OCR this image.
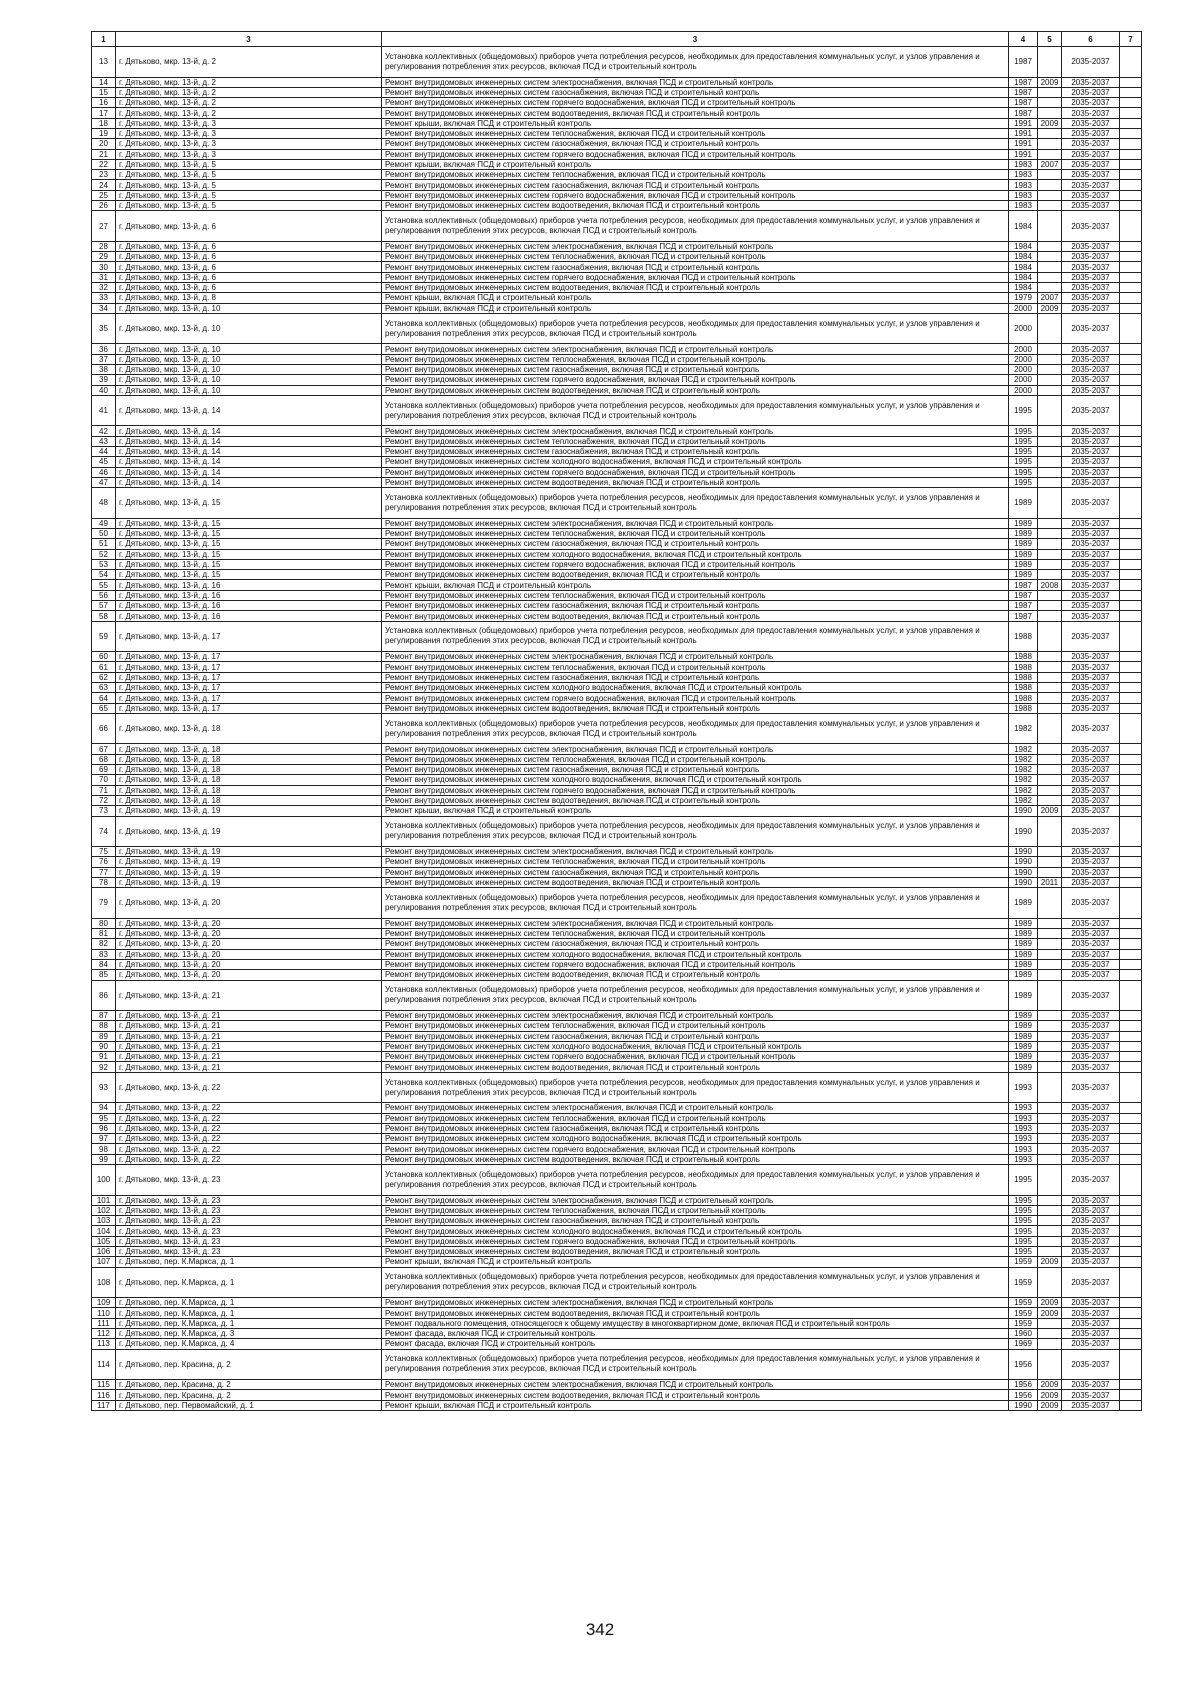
1	3	3	4	5	6	7
13	г. Дятьково, мкр. 13-й, д. 2	Установка коллективных (общедомовых) приборов учета потребления ресурсов, необходимых для предоставления коммунальных услуг, и узлов управления и регулирования потребления этих ресурсов, включая ПСД и строительный контроль	1987		2035-2037	
14	г. Дятьково, мкр. 13-й, д. 2	Ремонт внутридомовых инженерных систем электроснабжения, включая ПСД и строительный контроль	1987	2009	2035-2037	
15	г. Дятьково, мкр. 13-й, д. 2	Ремонт внутридомовых инженерных систем газоснабжения, включая ПСД и строительный контроль	1987		2035-2037	
16	г. Дятьково, мкр. 13-й, д. 2	Ремонт внутридомовых инженерных систем горячего водоснабжения, включая ПСД и строительный контроль	1987		2035-2037	
17	г. Дятьково, мкр. 13-й, д. 2	Ремонт внутридомовых инженерных систем водоотведения, включая ПСД и строительный контроль	1987		2035-2037	
18	г. Дятьково, мкр. 13-й, д. 3	Ремонт крыши, включая ПСД и строительный контроль	1991	2009	2035-2037	
19	г. Дятьково, мкр. 13-й, д. 3	Ремонт внутридомовых инженерных систем теплоснабжения, включая ПСД и строительный контроль	1991		2035-2037	
20	г. Дятьково, мкр. 13-й, д. 3	Ремонт внутридомовых инженерных систем газоснабжения, включая ПСД и строительный контроль	1991		2035-2037	
21	г. Дятьково, мкр. 13-й, д. 3	Ремонт внутридомовых инженерных систем горячего водоснабжения, включая ПСД и строительный контроль	1991		2035-2037	
22	г. Дятьково, мкр. 13-й, д. 5	Ремонт крыши, включая ПСД и строительный контроль	1983	2007	2035-2037	
23	г. Дятьково, мкр. 13-й, д. 5	Ремонт внутридомовых инженерных систем теплоснабжения, включая ПСД и строительный контроль	1983		2035-2037	
24	г. Дятьково, мкр. 13-й, д. 5	Ремонт внутридомовых инженерных систем газоснабжения, включая ПСД и строительный контроль	1983		2035-2037	
25	г. Дятьково, мкр. 13-й, д. 5	Ремонт внутридомовых инженерных систем горячего водоснабжения, включая ПСД и строительный контроль	1983		2035-2037	
26	г. Дятьково, мкр. 13-й, д. 5	Ремонт внутридомовых инженерных систем водоотведения, включая ПСД и строительный контроль	1983		2035-2037	
27	г. Дятьково, мкр. 13-й, д. 6	Установка коллективных (общедомовых) приборов учета потребления ресурсов, необходимых для предоставления коммунальных услуг, и узлов управления и регулирования потребления этих ресурсов, включая ПСД и строительный контроль	1984		2035-2037	
28	г. Дятьково, мкр. 13-й, д. 6	Ремонт внутридомовых инженерных систем электроснабжения, включая ПСД и строительный контроль	1984		2035-2037	
29	г. Дятьково, мкр. 13-й, д. 6	Ремонт внутридомовых инженерных систем теплоснабжения, включая ПСД и строительный контроль	1984		2035-2037	
30	г. Дятьково, мкр. 13-й, д. 6	Ремонт внутридомовых инженерных систем газоснабжения, включая ПСД и строительный контроль	1984		2035-2037	
31	г. Дятьково, мкр. 13-й, д. 6	Ремонт внутридомовых инженерных систем горячего водоснабжения, включая ПСД и строительный контроль	1984		2035-2037	
32	г. Дятьково, мкр. 13-й, д. 6	Ремонт внутридомовых инженерных систем водоотведения, включая ПСД и строительный контроль	1984		2035-2037	
33	г. Дятьково, мкр. 13-й, д. 8	Ремонт крыши, включая ПСД и строительный контроль	1979	2007	2035-2037	
34	г. Дятьково, мкр. 13-й, д. 10	Ремонт крыши, включая ПСД и строительный контроль	2000	2009	2035-2037	
35	г. Дятьково, мкр. 13-й, д. 10	Установка коллективных (общедомовых) приборов учета потребления ресурсов, необходимых для предоставления коммунальных услуг, и узлов управления и регулирования потребления этих ресурсов, включая ПСД и строительный контроль	2000		2035-2037	
36	г. Дятьково, мкр. 13-й, д. 10	Ремонт внутридомовых инженерных систем электроснабжения, включая ПСД и строительный контроль	2000		2035-2037	
37	г. Дятьково, мкр. 13-й, д. 10	Ремонт внутридомовых инженерных систем теплоснабжения, включая ПСД и строительный контроль	2000		2035-2037	
38	г. Дятьково, мкр. 13-й, д. 10	Ремонт внутридомовых инженерных систем газоснабжения, включая ПСД и строительный контроль	2000		2035-2037	
39	г. Дятьково, мкр. 13-й, д. 10	Ремонт внутридомовых инженерных систем горячего водоснабжения, включая ПСД и строительный контроль	2000		2035-2037	
40	г. Дятьково, мкр. 13-й, д. 10	Ремонт внутридомовых инженерных систем водоотведения, включая ПСД и строительный контроль	2000		2035-2037	
41	г. Дятьково, мкр. 13-й, д. 14	Установка коллективных (общедомовых) приборов учета потребления ресурсов, необходимых для предоставления коммунальных услуг, и узлов управления и регулирования потребления этих ресурсов, включая ПСД и строительный контроль	1995		2035-2037	
42	г. Дятьково, мкр. 13-й, д. 14	Ремонт внутридомовых инженерных систем электроснабжения, включая ПСД и строительный контроль	1995		2035-2037	
43	г. Дятьково, мкр. 13-й, д. 14	Ремонт внутридомовых инженерных систем теплоснабжения, включая ПСД и строительный контроль	1995		2035-2037	
44	г. Дятьково, мкр. 13-й, д. 14	Ремонт внутридомовых инженерных систем газоснабжения, включая ПСД и строительный контроль	1995		2035-2037	
45	г. Дятьково, мкр. 13-й, д. 14	Ремонт внутридомовых инженерных систем холодного водоснабжения, включая ПСД и строительный контроль	1995		2035-2037	
46	г. Дятьково, мкр. 13-й, д. 14	Ремонт внутридомовых инженерных систем горячего водоснабжения, включая ПСД и строительный контроль	1995		2035-2037	
47	г. Дятьково, мкр. 13-й, д. 14	Ремонт внутридомовых инженерных систем водоотведения, включая ПСД и строительный контроль	1995		2035-2037	
48	г. Дятьково, мкр. 13-й, д. 15	Установка коллективных (общедомовых) приборов учета потребления ресурсов, необходимых для предоставления коммунальных услуг, и узлов управления и регулирования потребления этих ресурсов, включая ПСД и строительный контроль	1989		2035-2037	
49	г. Дятьково, мкр. 13-й, д. 15	Ремонт внутридомовых инженерных систем электроснабжения, включая ПСД и строительный контроль	1989		2035-2037	
50	г. Дятьково, мкр. 13-й, д. 15	Ремонт внутридомовых инженерных систем теплоснабжения, включая ПСД и строительный контроль	1989		2035-2037	
51	г. Дятьково, мкр. 13-й, д. 15	Ремонт внутридомовых инженерных систем газоснабжения, включая ПСД и строительный контроль	1989		2035-2037	
52	г. Дятьково, мкр. 13-й, д. 15	Ремонт внутридомовых инженерных систем холодного водоснабжения, включая ПСД и строительный контроль	1989		2035-2037	
53	г. Дятьково, мкр. 13-й, д. 15	Ремонт внутридомовых инженерных систем горячего водоснабжения, включая ПСД и строительный контроль	1989		2035-2037	
54	г. Дятьково, мкр. 13-й, д. 15	Ремонт внутридомовых инженерных систем водоотведения, включая ПСД и строительный контроль	1989		2035-2037	
55	г. Дятьково, мкр. 13-й, д. 16	Ремонт крыши, включая ПСД и строительный контроль	1987	2008	2035-2037	
56	г. Дятьково, мкр. 13-й, д. 16	Ремонт внутридомовых инженерных систем теплоснабжения, включая ПСД и строительный контроль	1987		2035-2037	
57	г. Дятьково, мкр. 13-й, д. 16	Ремонт внутридомовых инженерных систем газоснабжения, включая ПСД и строительный контроль	1987		2035-2037	
58	г. Дятьково, мкр. 13-й, д. 16	Ремонт внутридомовых инженерных систем водоотведения, включая ПСД и строительный контроль	1987		2035-2037	
59	г. Дятьково, мкр. 13-й, д. 17	Установка коллективных (общедомовых) приборов учета потребления ресурсов, необходимых для предоставления коммунальных услуг, и узлов управления и регулирования потребления этих ресурсов, включая ПСД и строительный контроль	1988		2035-2037	
60	г. Дятьково, мкр. 13-й, д. 17	Ремонт внутридомовых инженерных систем электроснабжения, включая ПСД и строительный контроль	1988		2035-2037	
61	г. Дятьково, мкр. 13-й, д. 17	Ремонт внутридомовых инженерных систем теплоснабжения, включая ПСД и строительный контроль	1988		2035-2037	
62	г. Дятьково, мкр. 13-й, д. 17	Ремонт внутридомовых инженерных систем газоснабжения, включая ПСД и строительный контроль	1988		2035-2037	
63	г. Дятьково, мкр. 13-й, д. 17	Ремонт внутридомовых инженерных систем холодного водоснабжения, включая ПСД и строительный контроль	1988		2035-2037	
64	г. Дятьково, мкр. 13-й, д. 17	Ремонт внутридомовых инженерных систем горячего водоснабжения, включая ПСД и строительный контроль	1988		2035-2037	
65	г. Дятьково, мкр. 13-й, д. 17	Ремонт внутридомовых инженерных систем водоотведения, включая ПСД и строительный контроль	1988		2035-2037	
66	г. Дятьково, мкр. 13-й, д. 18	Установка коллективных (общедомовых) приборов учета потребления ресурсов, необходимых для предоставления коммунальных услуг, и узлов управления и регулирования потребления этих ресурсов, включая ПСД и строительный контроль	1982		2035-2037	
67	г. Дятьково, мкр. 13-й, д. 18	Ремонт внутридомовых инженерных систем электроснабжения, включая ПСД и строительный контроль	1982		2035-2037	
68	г. Дятьково, мкр. 13-й, д. 18	Ремонт внутридомовых инженерных систем теплоснабжения, включая ПСД и строительный контроль	1982		2035-2037	
69	г. Дятьково, мкр. 13-й, д. 18	Ремонт внутридомовых инженерных систем газоснабжения, включая ПСД и строительный контроль	1982		2035-2037	
70	г. Дятьково, мкр. 13-й, д. 18	Ремонт внутридомовых инженерных систем холодного водоснабжения, включая ПСД и строительный контроль	1982		2035-2037	
71	г. Дятьково, мкр. 13-й, д. 18	Ремонт внутридомовых инженерных систем горячего водоснабжения, включая ПСД и строительный контроль	1982		2035-2037	
72	г. Дятьково, мкр. 13-й, д. 18	Ремонт внутридомовых инженерных систем водоотведения, включая ПСД и строительный контроль	1982		2035-2037	
73	г. Дятьково, мкр. 13-й, д. 19	Ремонт крыши, включая ПСД и строительный контроль	1990	2009	2035-2037	
74	г. Дятьково, мкр. 13-й, д. 19	Установка коллективных (общедомовых) приборов учета потребления ресурсов, необходимых для предоставления коммунальных услуг, и узлов управления и регулирования потребления этих ресурсов, включая ПСД и строительный контроль	1990		2035-2037	
75	г. Дятьково, мкр. 13-й, д. 19	Ремонт внутридомовых инженерных систем электроснабжения, включая ПСД и строительный контроль	1990		2035-2037	
76	г. Дятьково, мкр. 13-й, д. 19	Ремонт внутридомовых инженерных систем теплоснабжения, включая ПСД и строительный контроль	1990		2035-2037	
77	г. Дятьково, мкр. 13-й, д. 19	Ремонт внутридомовых инженерных систем газоснабжения, включая ПСД и строительный контроль	1990		2035-2037	
78	г. Дятьково, мкр. 13-й, д. 19	Ремонт внутридомовых инженерных систем водоотведения, включая ПСД и строительный контроль	1990	2011	2035-2037	
79	г. Дятьково, мкр. 13-й, д. 20	Установка коллективных (общедомовых) приборов учета потребления ресурсов, необходимых для предоставления коммунальных услуг, и узлов управления и регулирования потребления этих ресурсов, включая ПСД и строительный контроль	1989		2035-2037	
80	г. Дятьково, мкр. 13-й, д. 20	Ремонт внутридомовых инженерных систем электроснабжения, включая ПСД и строительный контроль	1989		2035-2037	
81	г. Дятьково, мкр. 13-й, д. 20	Ремонт внутридомовых инженерных систем теплоснабжения, включая ПСД и строительный контроль	1989		2035-2037	
82	г. Дятьково, мкр. 13-й, д. 20	Ремонт внутридомовых инженерных систем газоснабжения, включая ПСД и строительный контроль	1989		2035-2037	
83	г. Дятьково, мкр. 13-й, д. 20	Ремонт внутридомовых инженерных систем холодного водоснабжения, включая ПСД и строительный контроль	1989		2035-2037	
84	г. Дятьково, мкр. 13-й, д. 20	Ремонт внутридомовых инженерных систем горячего водоснабжения, включая ПСД и строительный контроль	1989		2035-2037	
85	г. Дятьково, мкр. 13-й, д. 20	Ремонт внутридомовых инженерных систем водоотведения, включая ПСД и строительный контроль	1989		2035-2037	
86	г. Дятьково, мкр. 13-й, д. 21	Установка коллективных (общедомовых) приборов учета потребления ресурсов, необходимых для предоставления коммунальных услуг, и узлов управления и регулирования потребления этих ресурсов, включая ПСД и строительный контроль	1989		2035-2037	
87	г. Дятьково, мкр. 13-й, д. 21	Ремонт внутридомовых инженерных систем электроснабжения, включая ПСД и строительный контроль	1989		2035-2037	
88	г. Дятьково, мкр. 13-й, д. 21	Ремонт внутридомовых инженерных систем теплоснабжения, включая ПСД и строительный контроль	1989		2035-2037	
89	г. Дятьково, мкр. 13-й, д. 21	Ремонт внутридомовых инженерных систем газоснабжения, включая ПСД и строительный контроль	1989		2035-2037	
90	г. Дятьково, мкр. 13-й, д. 21	Ремонт внутридомовых инженерных систем холодного водоснабжения, включая ПСД и строительный контроль	1989		2035-2037	
91	г. Дятьково, мкр. 13-й, д. 21	Ремонт внутридомовых инженерных систем горячего водоснабжения, включая ПСД и строительный контроль	1989		2035-2037	
92	г. Дятьково, мкр. 13-й, д. 21	Ремонт внутридомовых инженерных систем водоотведения, включая ПСД и строительный контроль	1989		2035-2037	
93	г. Дятьково, мкр. 13-й, д. 22	Установка коллективных (общедомовых) приборов учета потребления ресурсов, необходимых для предоставления коммунальных услуг, и узлов управления и регулирования потребления этих ресурсов, включая ПСД и строительный контроль	1993		2035-2037	
94	г. Дятьково, мкр. 13-й, д. 22	Ремонт внутридомовых инженерных систем электроснабжения, включая ПСД и строительный контроль	1993		2035-2037	
95	г. Дятьково, мкр. 13-й, д. 22	Ремонт внутридомовых инженерных систем теплоснабжения, включая ПСД и строительный контроль	1993		2035-2037	
96	г. Дятьково, мкр. 13-й, д. 22	Ремонт внутридомовых инженерных систем газоснабжения, включая ПСД и строительный контроль	1993		2035-2037	
97	г. Дятьково, мкр. 13-й, д. 22	Ремонт внутридомовых инженерных систем холодного водоснабжения, включая ПСД и строительный контроль	1993		2035-2037	
98	г. Дятьково, мкр. 13-й, д. 22	Ремонт внутридомовых инженерных систем горячего водоснабжения, включая ПСД и строительный контроль	1993		2035-2037	
99	г. Дятьково, мкр. 13-й, д. 22	Ремонт внутридомовых инженерных систем водоотведения, включая ПСД и строительный контроль	1993		2035-2037	
100	г. Дятьково, мкр. 13-й, д. 23	Установка коллективных (общедомовых) приборов учета потребления ресурсов, необходимых для предоставления коммунальных услуг, и узлов управления и регулирования потребления этих ресурсов, включая ПСД и строительный контроль	1995		2035-2037	
101	г. Дятьково, мкр. 13-й, д. 23	Ремонт внутридомовых инженерных систем электроснабжения, включая ПСД и строительный контроль	1995		2035-2037	
102	г. Дятьково, мкр. 13-й, д. 23	Ремонт внутридомовых инженерных систем теплоснабжения, включая ПСД и строительный контроль	1995		2035-2037	
103	г. Дятьково, мкр. 13-й, д. 23	Ремонт внутридомовых инженерных систем газоснабжения, включая ПСД и строительный контроль	1995		2035-2037	
104	г. Дятьково, мкр. 13-й, д. 23	Ремонт внутридомовых инженерных систем холодного водоснабжения, включая ПСД и строительный контроль	1995		2035-2037	
105	г. Дятьково, мкр. 13-й, д. 23	Ремонт внутридомовых инженерных систем горячего водоснабжения, включая ПСД и строительный контроль	1995		2035-2037	
106	г. Дятьково, мкр. 13-й, д. 23	Ремонт внутридомовых инженерных систем водоотведения, включая ПСД и строительный контроль	1995		2035-2037	
107	г. Дятьково, пер. К.Маркса, д. 1	Ремонт крыши, включая ПСД и строительный контроль	1959	2009	2035-2037	
108	г. Дятьково, пер. К.Маркса, д. 1	Установка коллективных (общедомовых) приборов учета потребления ресурсов, необходимых для предоставления коммунальных услуг, и узлов управления и регулирования потребления этих ресурсов, включая ПСД и строительный контроль	1959		2035-2037	
109	г. Дятьково, пер. К.Маркса, д. 1	Ремонт внутридомовых инженерных систем электроснабжения, включая ПСД и строительный контроль	1959	2009	2035-2037	
110	г. Дятьково, пер. К.Маркса, д. 1	Ремонт внутридомовых инженерных систем водоотведения, включая ПСД и строительный контроль	1959	2009	2035-2037	
111	г. Дятьково, пер. К.Маркса, д. 1	Ремонт подвального помещения, относящегося к общему имуществу в многоквартирном доме, включая ПСД и строительный контроль	1959		2035-2037	
112	г. Дятьково, пер. К.Маркса, д. 3	Ремонт фасада, включая ПСД и строительный контроль	1960		2035-2037	
113	г. Дятьково, пер. К.Маркса, д. 4	Ремонт фасада, включая ПСД и строительный контроль	1969		2035-2037	
114	г. Дятьково, пер. Красина, д. 2	Установка коллективных (общедомовых) приборов учета потребления ресурсов, необходимых для предоставления коммунальных услуг, и узлов управления и регулирования потребления этих ресурсов, включая ПСД и строительный контроль	1956		2035-2037	
115	г. Дятьково, пер. Красина, д. 2	Ремонт внутридомовых инженерных систем электроснабжения, включая ПСД и строительный контроль	1956	2009	2035-2037	
116	г. Дятьково, пер. Красина, д. 2	Ремонт внутридомовых инженерных систем водоотведения, включая ПСД и строительный контроль	1956	2009	2035-2037	
117	г. Дятьково, пер. Первомайский, д. 1	Ремонт крыши, включая ПСД и строительный контроль	1990	2009	2035-2037	
342
